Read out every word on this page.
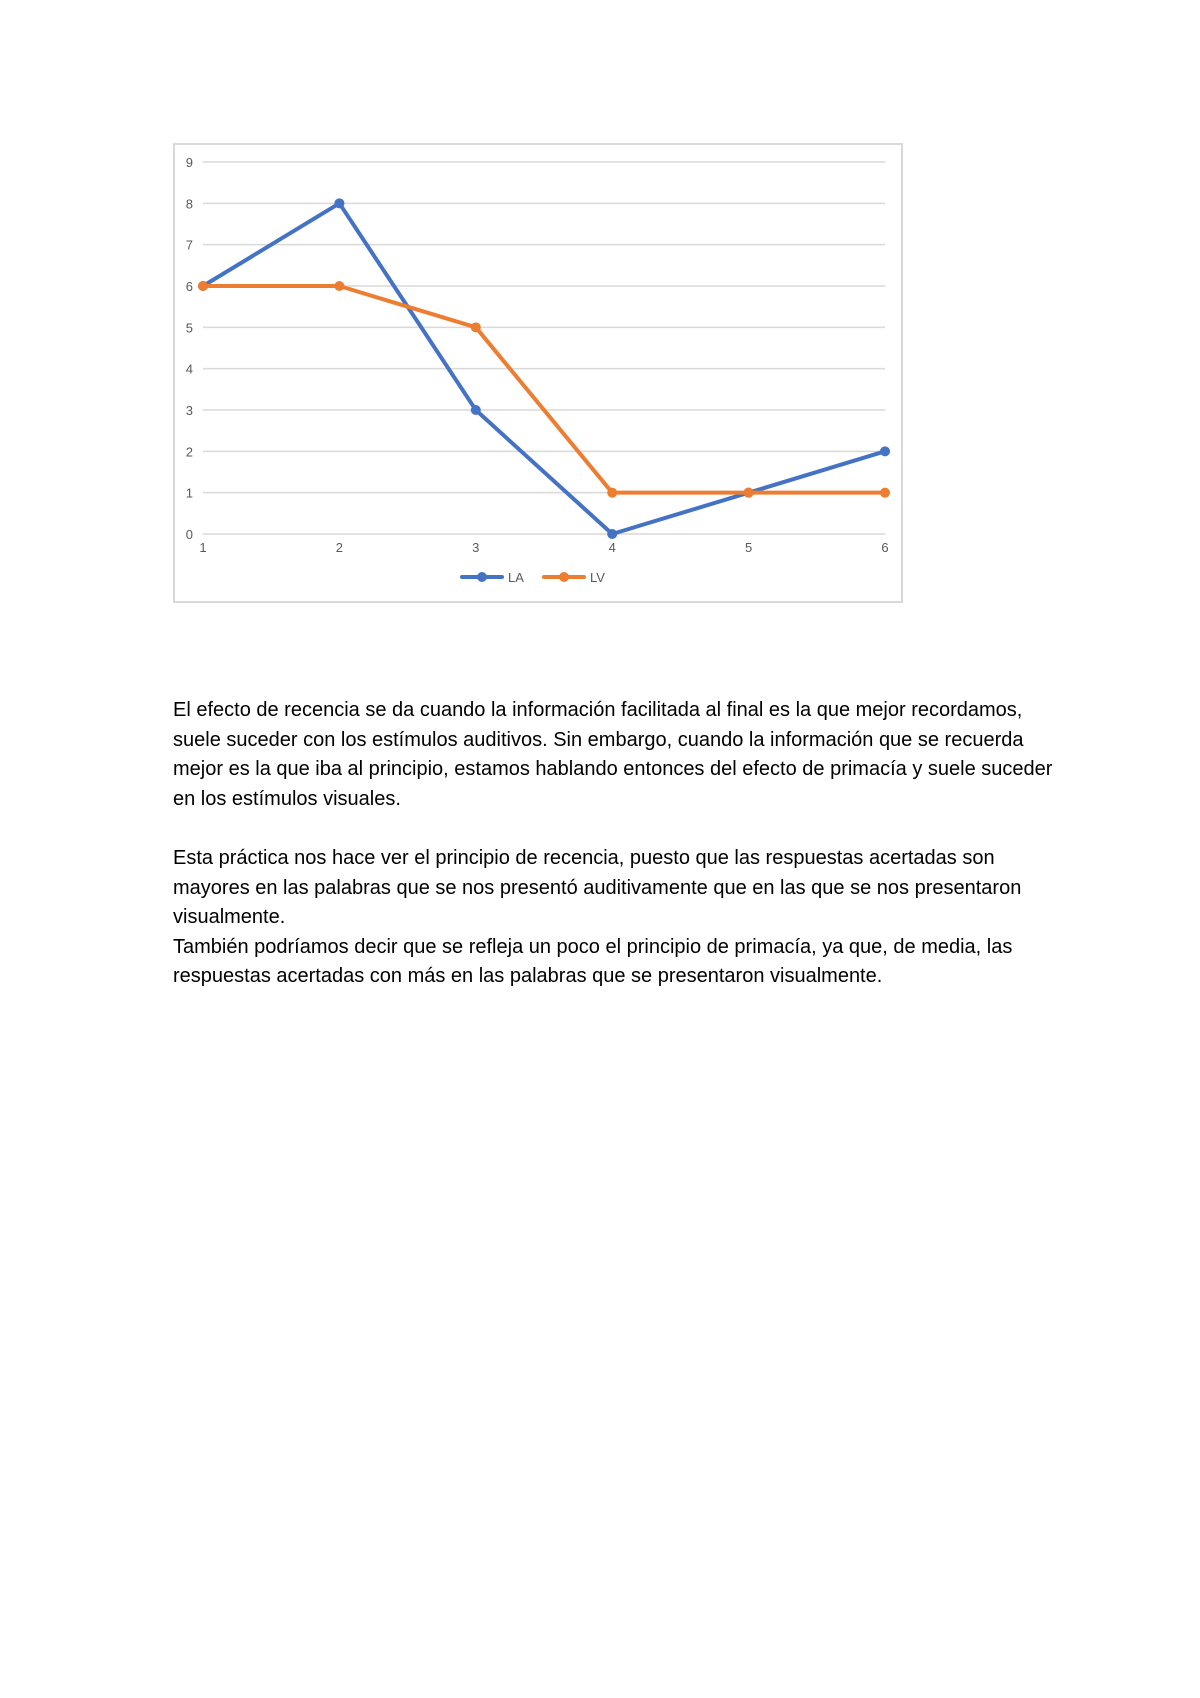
0
1
2
3
4
5
6
7
8
9
1	2	3	4	5	6
LA	LV

El efecto de recencia se da cuando la información facilitada al final es la que mejor recordamos, suele suceder con los estímulos auditivos. Sin embargo, cuando la información que se recuerda mejor es la que iba al principio, estamos hablando entonces del efecto de primacía y suele suceder en los estímulos visuales.

Esta práctica nos hace ver el principio de recencia, puesto que las respuestas acertadas son mayores en las palabras que se nos presentó auditivamente que en las que se nos presentaron visualmente.

También podríamos decir que se refleja un poco el principio de primacía, ya que, de media, las respuestas acertadas con más en las palabras que se presentaron visualmente.
